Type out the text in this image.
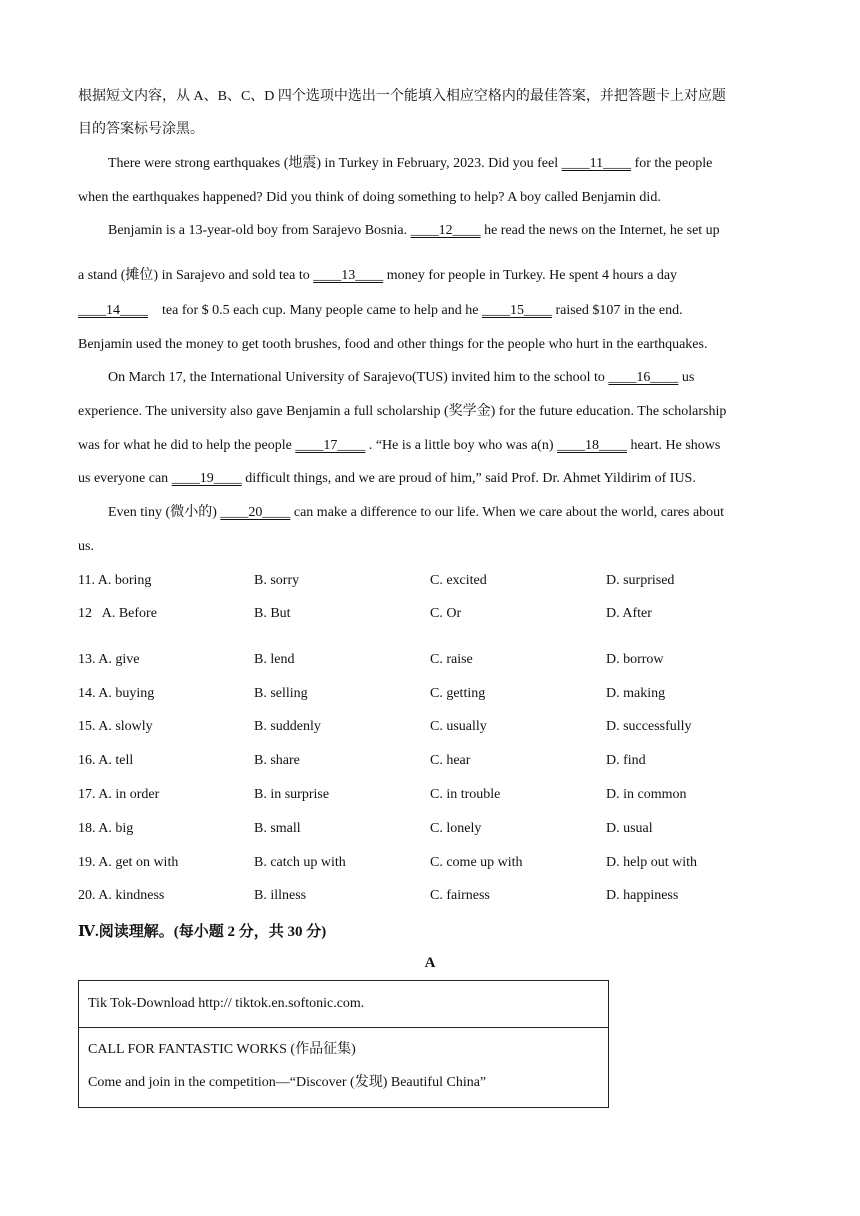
根据短文内容，从 A、B、C、D 四个选项中选出一个能填入相应空格内的最佳答案，并把答题卡上对应题
目的答案标号涂黑。
There were strong earthquakes (地震) in Turkey in February, 2023. Did you feel ____11____ for the people
when the earthquakes happened? Did you think of doing something to help? A boy called Benjamin did.
Benjamin is a 13-year-old boy from Sarajevo Bosnia. ____12____ he read the news on the Internet, he set up
a stand (摊位) in Sarajevo and sold tea to ____13____ money for people in Turkey. He spent 4 hours a day
____14____    tea for $ 0.5 each cup. Many people came to help and he ____15____ raised $107 in the end.
Benjamin used the money to get tooth brushes, food and other things for the people who hurt in the earthquakes.
On March 17, the International University of Sarajevo(TUS) invited him to the school to ____16____ us
experience. The university also gave Benjamin a full scholarship (奖学金) for the future education. The scholarship
was for what he did to help the people ____17____ . “He is a little boy who was a(n) ____18____ heart. He shows
us everyone can ____19____ difficult things, and we are proud of him,” said Prof. Dr. Ahmet Yildirim of IUS.
Even tiny (微小的) ____20____ can make a difference to our life. When we care about the world, cares about
us.
11. A. boring	B. sorry	C. excited	D. surprised
12   A. Before	B. But	C. Or	D. After
13. A. give	B. lend	C. raise	D. borrow
14. A. buying	B. selling	C. getting	D. making
15. A. slowly	B. suddenly	C. usually	D. successfully
16. A. tell	B. share	C. hear	D. find
17. A. in order	B. in surprise	C. in trouble	D. in common
18. A. big	B. small	C. lonely	D. usual
19. A. get on with	B. catch up with	C. come up with	D. help out with
20. A. kindness	B. illness	C. fairness	D. happiness
Ⅳ.阅读理解。(每小题 2 分，共 30 分)
A
Tik Tok-Download http:// tiktok.en.softonic.com.
CALL FOR FANTASTIC WORKS (作品征集)
Come and join in the competition—“Discover (发现) Beautiful China”
